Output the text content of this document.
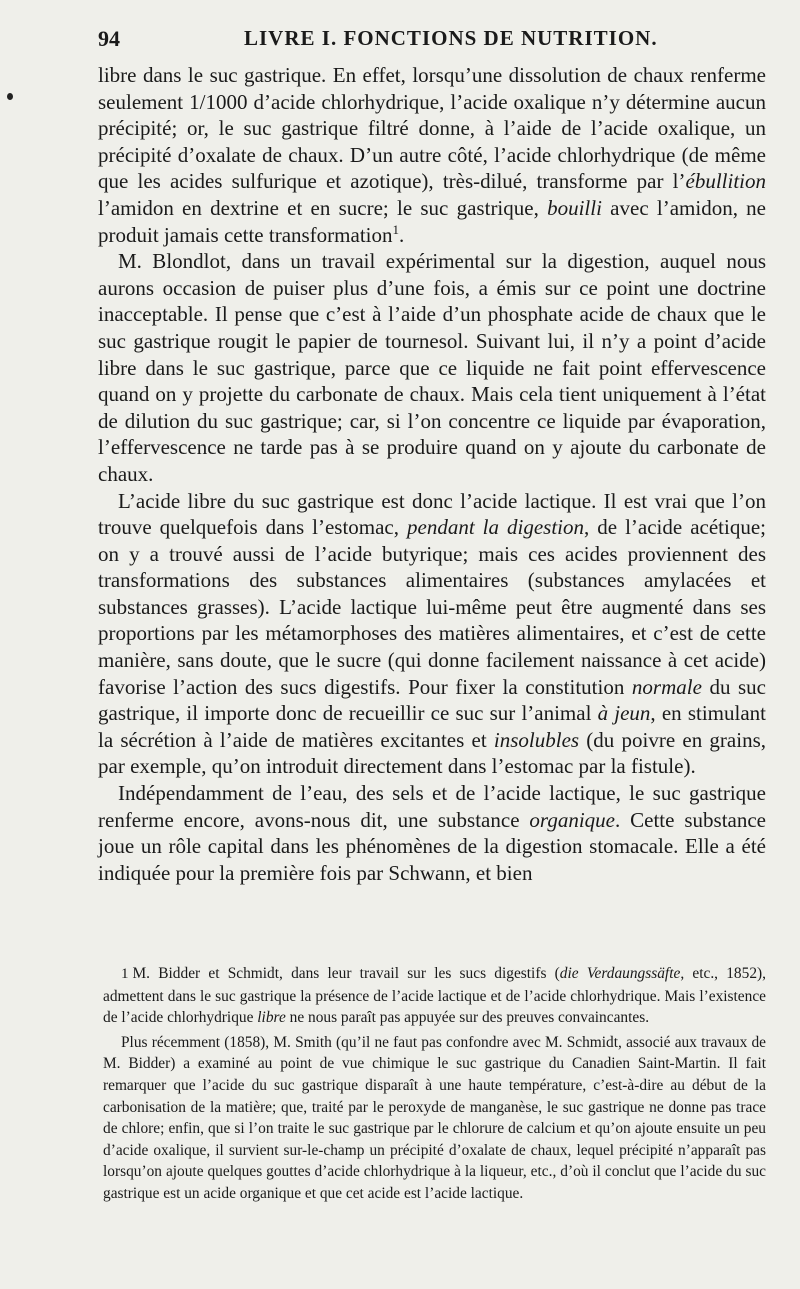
94	LIVRE I. FONCTIONS DE NUTRITION.

libre dans le suc gastrique. En effet, lorsqu’une dissolution de chaux renferme seulement 1/1000 d’acide chlorhydrique, l’acide oxalique n’y détermine aucun précipité; or, le suc gastrique filtré donne, à l’aide de l’acide oxalique, un précipité d’oxalate de chaux. D’un autre côté, l’acide chlorhydrique (de même que les acides sulfurique et azotique), très-dilué, transforme par l’ébullition l’amidon en dextrine et en sucre; le suc gastrique, bouilli avec l’amidon, ne produit jamais cette transformation$^1$.

M. Blondlot, dans un travail expérimental sur la digestion, auquel nous aurons occasion de puiser plus d’une fois, a émis sur ce point une doctrine inacceptable. Il pense que c’est à l’aide d’un phosphate acide de chaux que le suc gastrique rougit le papier de tournesol. Suivant lui, il n’y a point d’acide libre dans le suc gastrique, parce que ce liquide ne fait point effervescence quand on y projette du carbonate de chaux. Mais cela tient uniquement à l’état de dilution du suc gastrique; car, si l’on concentre ce liquide par évaporation, l’effervescence ne tarde pas à se produire quand on y ajoute du carbonate de chaux.

L’acide libre du suc gastrique est donc l’acide lactique. Il est vrai que l’on trouve quelquefois dans l’estomac, pendant la digestion, de l’acide acétique; on y a trouvé aussi de l’acide butyrique; mais ces acides proviennent des transformations des substances alimentaires (substances amylacées et substances grasses). L’acide lactique lui-même peut être augmenté dans ses proportions par les métamorphoses des matières alimentaires, et c’est de cette manière, sans doute, que le sucre (qui donne facilement naissance à cet acide) favorise l’action des sucs digestifs. Pour fixer la constitution normale du suc gastrique, il importe donc de recueillir ce suc sur l’animal à jeun, en stimulant la sécrétion à l’aide de matières excitantes et insolubles (du poivre en grains, par exemple, qu’on introduit directement dans l’estomac par la fistule).

Indépendamment de l’eau, des sels et de l’acide lactique, le suc gastrique renferme encore, avons-nous dit, une substance organique. Cette substance joue un rôle capital dans les phénomènes de la digestion stomacale. Elle a été indiquée pour la première fois par Schwann, et bien

1 M. Bidder et Schmidt, dans leur travail sur les sucs digestifs (die Verdaungssäfte, etc., 1852), admettent dans le suc gastrique la présence de l’acide lactique et de l’acide chlorhydrique. Mais l’existence de l’acide chlorhydrique libre ne nous paraît pas appuyée sur des preuves convaincantes.

Plus récemment (1858), M. Smith (qu’il ne faut pas confondre avec M. Schmidt, associé aux travaux de M. Bidder) a examiné au point de vue chimique le suc gastrique du Canadien Saint-Martin. Il fait remarquer que l’acide du suc gastrique disparaît à une haute température, c’est-à-dire au début de la carbonisation de la matière; que, traité par le peroxyde de manganèse, le suc gastrique ne donne pas trace de chlore; enfin, que si l’on traite le suc gastrique par le chlorure de calcium et qu’on ajoute ensuite un peu d’acide oxalique, il survient sur-le-champ un précipité d’oxalate de chaux, lequel précipité n’apparaît pas lorsqu’on ajoute quelques gouttes d’acide chlorhydrique à la liqueur, etc., d’où il conclut que l’acide du suc gastrique est un acide organique et que cet acide est l’acide lactique.
